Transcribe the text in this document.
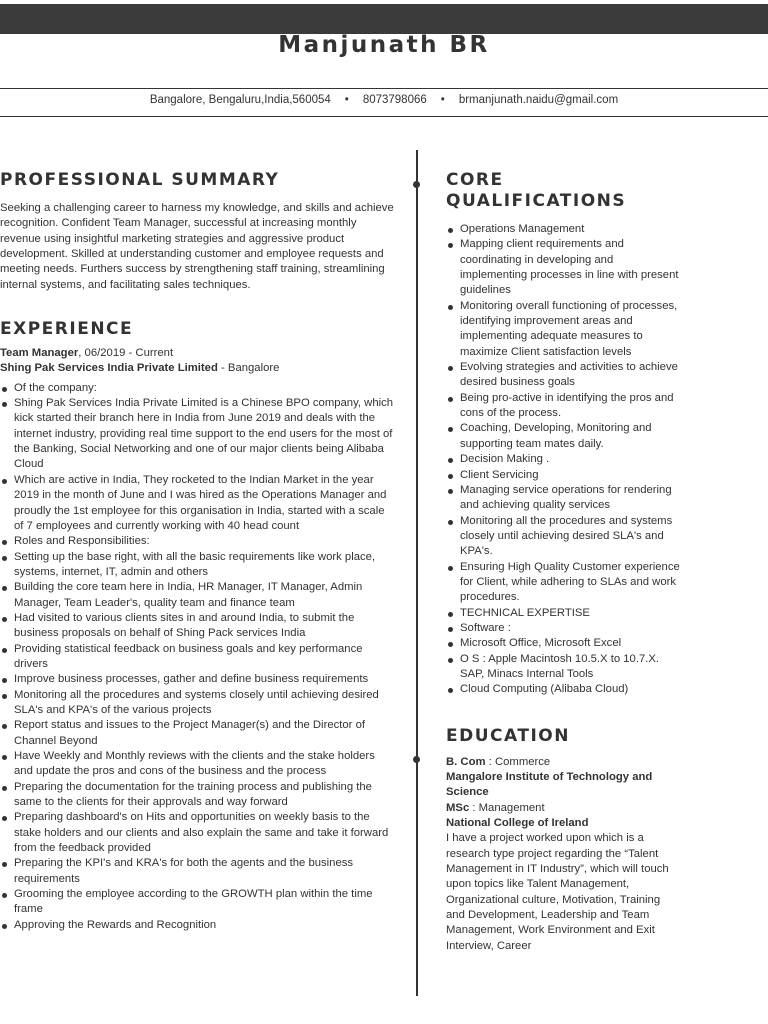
Manjunath BR
Bangalore, Bengaluru,India,560054 • 8073798066 • brmanjunath.naidu@gmail.com
PROFESSIONAL SUMMARY

Seeking a challenging career to harness my knowledge, and skills and achieve recognition. Confident Team Manager, successful at increasing monthly revenue using insightful marketing strategies and aggressive product development. Skilled at understanding customer and employee requests and meeting needs. Furthers success by strengthening staff training, streamlining internal systems, and facilitating sales techniques.

EXPERIENCE
Team Manager, 06/2019 - Current
Shing Pak Services India Private Limited - Bangalore
Of the company:
Shing Pak Services India Private Limited is a Chinese BPO company, which kick started their branch here in India from June 2019 and deals with the internet industry, providing real time support to the end users for the most of the Banking, Social Networking and one of our major clients being Alibaba Cloud
Which are active in India, They rocketed to the Indian Market in the year 2019 in the month of June and I was hired as the Operations Manager and proudly the 1st employee for this organisation in India, started with a scale of 7 employees and currently working with 40 head count
Roles and Responsibilities:
Setting up the base right, with all the basic requirements like work place, systems, internet, IT, admin and others
Building the core team here in India, HR Manager, IT Manager, Admin Manager, Team Leader's, quality team and finance team
Had visited to various clients sites in and around India, to submit the business proposals on behalf of Shing Pack services India
Providing statistical feedback on business goals and key performance drivers
Improve business processes, gather and define business requirements
Monitoring all the procedures and systems closely until achieving desired SLA's and KPA's of the various projects
Report status and issues to the Project Manager(s) and the Director of Channel Beyond
Have Weekly and Monthly reviews with the clients and the stake holders and update the pros and cons of the business and the process
Preparing the documentation for the training process and publishing the same to the clients for their approvals and way forward
Preparing dashboard's on Hits and opportunities on weekly basis to the stake holders and our clients and also explain the same and take it forward from the feedback provided
Preparing the KPI's and KRA's for both the agents and the business requirements
Grooming the employee according to the GROWTH plan within the time frame
Approving the Rewards and Recognition
CORE QUALIFICATIONS
Operations Management
Mapping client requirements and coordinating in developing and implementing processes in line with present guidelines
Monitoring overall functioning of processes, identifying improvement areas and implementing adequate measures to maximize Client satisfaction levels
Evolving strategies and activities to achieve desired business goals
Being pro-active in identifying the pros and cons of the process.
Coaching, Developing, Monitoring and supporting team mates daily.
Decision Making .
Client Servicing
Managing service operations for rendering and achieving quality services
Monitoring all the procedures and systems closely until achieving desired SLA's and KPA's.
Ensuring High Quality Customer experience for Client, while adhering to SLAs and work procedures.
TECHNICAL EXPERTISE
Software :
Microsoft Office, Microsoft Excel
O S : Apple Macintosh 10.5.X to 10.7.X. SAP, Minacs Internal Tools
Cloud Computing (Alibaba Cloud)
EDUCATION
B. Com : Commerce
Mangalore Institute of Technology and Science
MSc : Management
National College of Ireland
I have a project worked upon which is a research type project regarding the “Talent Management in IT Industry”, which will touch upon topics like Talent Management, Organizational culture, Motivation, Training and Development, Leadership and Team Management, Work Environment and Exit Interview, Career
